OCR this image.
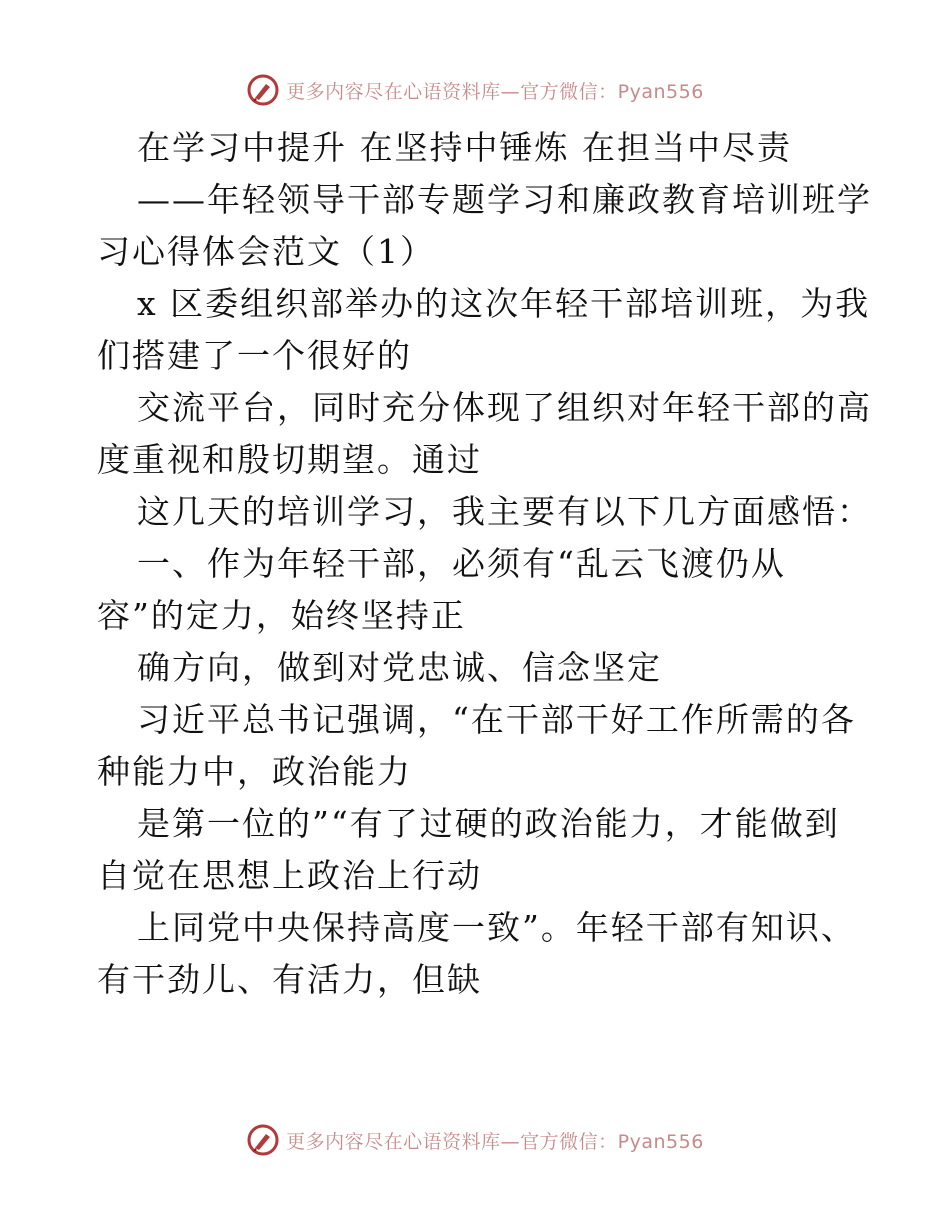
更多内容尽在心语资料库—官方微信：Pyan556
在学习中提升 在坚持中锤炼 在担当中尽责
——年轻领导干部专题学习和廉政教育培训班学
习心得体会范文（1）
x 区委组织部举办的这次年轻干部培训班，为我
们搭建了一个很好的
交流平台，同时充分体现了组织对年轻干部的高
度重视和殷切期望。通过
这几天的培训学习，我主要有以下几方面感悟：
一、作为年轻干部，必须有“乱云飞渡仍从
容”的定力，始终坚持正
确方向，做到对党忠诚、信念坚定
习近平总书记强调，“在干部干好工作所需的各
种能力中，政治能力
是第一位的”“有了过硬的政治能力，才能做到
自觉在思想上政治上行动
上同党中央保持高度一致”。年轻干部有知识、
有干劲儿、有活力，但缺
更多内容尽在心语资料库—官方微信：Pyan556
